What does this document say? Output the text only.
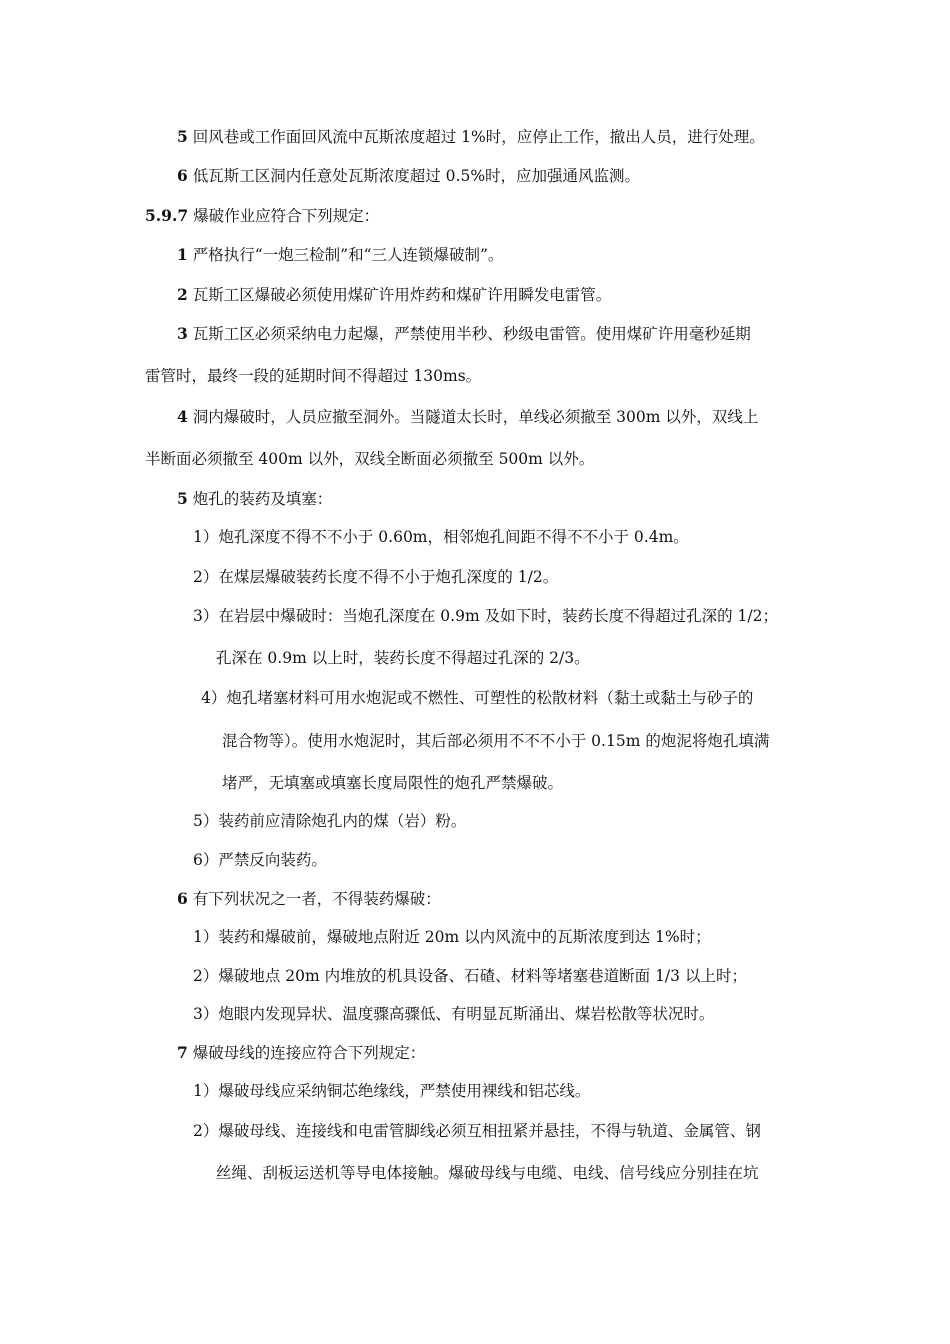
5 回风巷或工作面回风流中瓦斯浓度超过 1%时，应停止工作，撤出人员，进行处理。
6 低瓦斯工区洞内任意处瓦斯浓度超过 0.5%时，应加强通风监测。
5.9.7 爆破作业应符合下列规定：
1 严格执行“一炮三检制”和“三人连锁爆破制”。
2 瓦斯工区爆破必须使用煤矿许用炸药和煤矿许用瞬发电雷管。
3 瓦斯工区必须采纳电力起爆，严禁使用半秒、秒级电雷管。使用煤矿许用毫秒延期
雷管时，最终一段的延期时间不得超过 130ms。
4 洞内爆破时，人员应撤至洞外。当隧道太长时，单线必须撤至 300m 以外，双线上
半断面必须撤至 400m 以外，双线全断面必须撤至 500m 以外。
5 炮孔的装药及填塞：
1）炮孔深度不得不不小于 0.60m，相邻炮孔间距不得不不小于 0.4m。
2）在煤层爆破装药长度不得不小于炮孔深度的 1/2。
3）在岩层中爆破时：当炮孔深度在 0.9m 及如下时，装药长度不得超过孔深的 1/2；
孔深在 0.9m 以上时，装药长度不得超过孔深的 2/3。
4）炮孔堵塞材料可用水炮泥或不燃性、可塑性的松散材料（黏土或黏土与砂子的
混合物等）。使用水炮泥时，其后部必须用不不不小于 0.15m 的炮泥将炮孔填满
堵严，无填塞或填塞长度局限性的炮孔严禁爆破。
5）装药前应清除炮孔内的煤（岩）粉。
6）严禁反向装药。
6 有下列状况之一者，不得装药爆破：
1）装药和爆破前，爆破地点附近 20m 以内风流中的瓦斯浓度到达 1%时；
2）爆破地点 20m 内堆放的机具设备、石碴、材料等堵塞巷道断面 1/3 以上时；
3）炮眼内发现异状、温度骤高骤低、有明显瓦斯涌出、煤岩松散等状况时。
7 爆破母线的连接应符合下列规定：
1）爆破母线应采纳铜芯绝缘线，严禁使用裸线和铝芯线。
2）爆破母线、连接线和电雷管脚线必须互相扭紧并悬挂，不得与轨道、金属管、钢
丝绳、刮板运送机等导电体接触。爆破母线与电缆、电线、信号线应分别挂在坑
